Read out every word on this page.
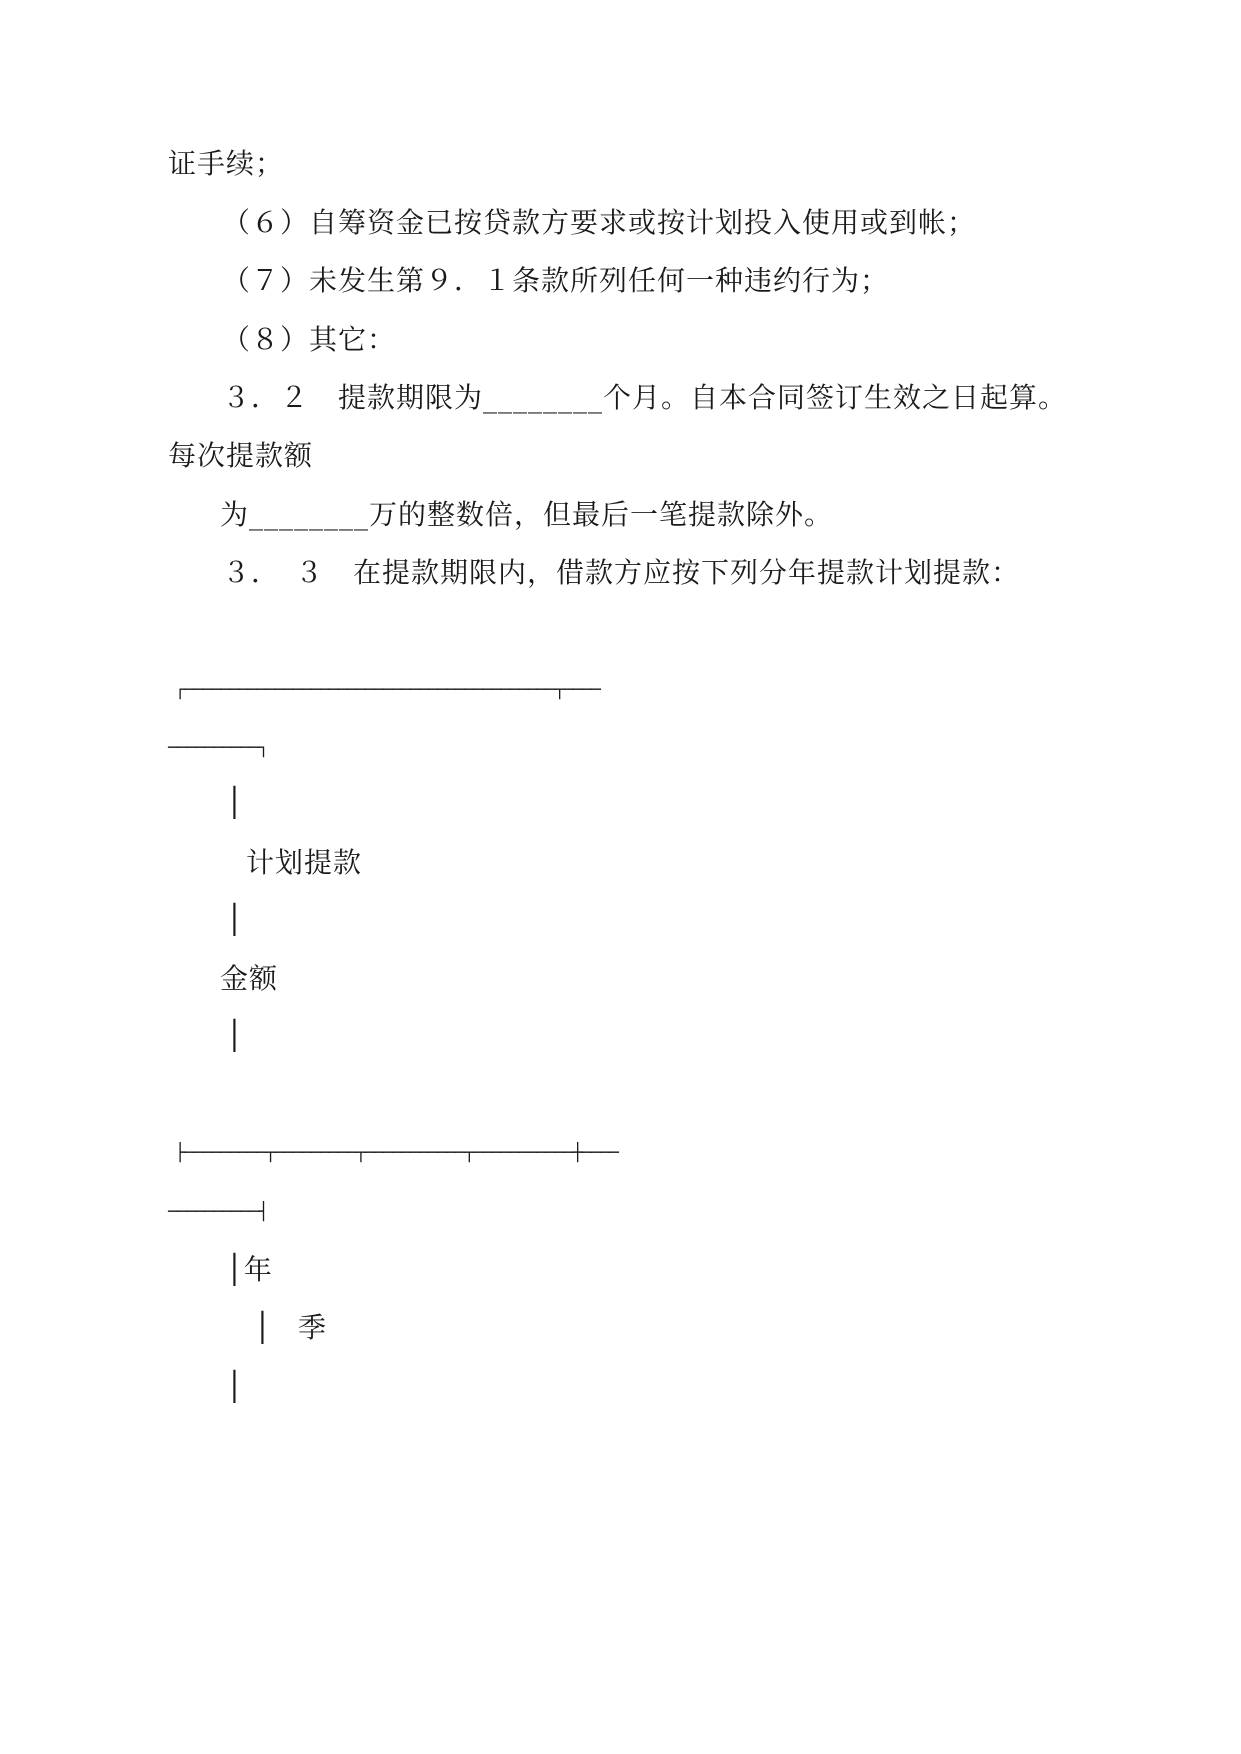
证手续；
（６）自筹资金已按贷款方要求或按计划投入使用或到帐；
（７）未发生第９．１条款所列任何一种违约行为；
（８）其它：
３．２　提款期限为________个月。自本合同签订生效之日起算。
每次提款额
为________万的整数倍，但最后一笔提款除外。
３．　３　在提款期限内，借款方应按下列分年提款计划提款：
┌─────────────────────────────────────────┬────
──────────┐
│
计划提款
│
金额
│
├─────────┬─────────┬───────────┬───────────┼────
──────────┤
│年
│ 季
│
